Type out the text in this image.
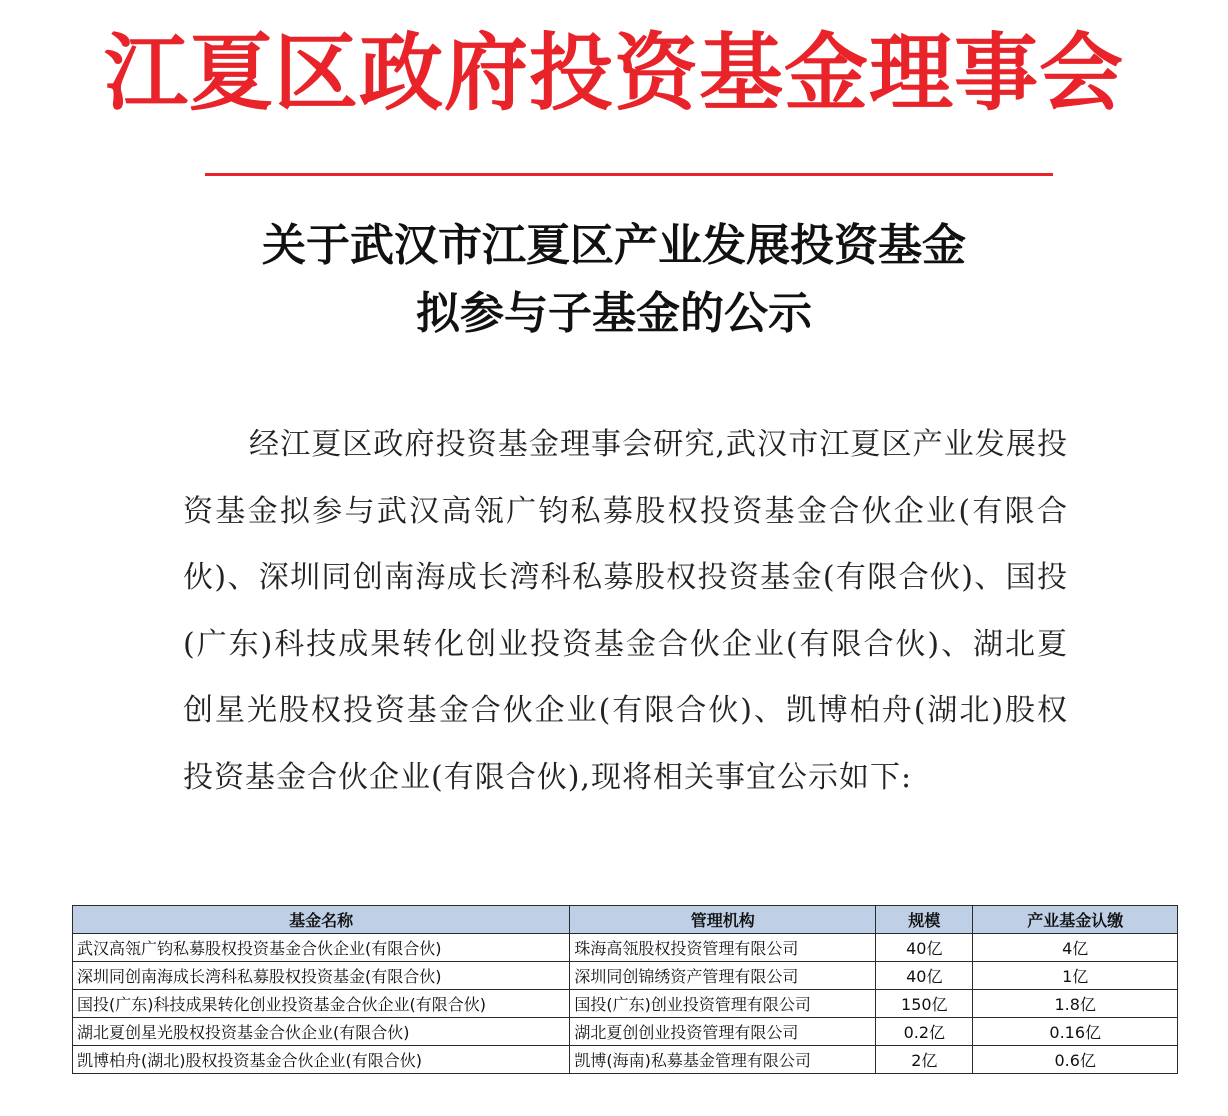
江夏区政府投资基金理事会
关于武汉市江夏区产业发展投资基金
拟参与子基金的公示
经江夏区政府投资基金理事会研究,武汉市江夏区产业发展投资基金拟参与武汉高瓴广钧私募股权投资基金合伙企业(有限合伙)、深圳同创南海成长湾科私募股权投资基金(有限合伙)、国投(广东)科技成果转化创业投资基金合伙企业(有限合伙)、湖北夏创星光股权投资基金合伙企业(有限合伙)、凯博柏舟(湖北)股权投资基金合伙企业(有限合伙),现将相关事宜公示如下:
基金名称	管理机构	规模	产业基金认缴
武汉高瓴广钧私募股权投资基金合伙企业(有限合伙)	珠海高瓴股权投资管理有限公司	40亿	4亿
深圳同创南海成长湾科私募股权投资基金(有限合伙)	深圳同创锦绣资产管理有限公司	40亿	1亿
国投(广东)科技成果转化创业投资基金合伙企业(有限合伙)	国投(广东)创业投资管理有限公司	150亿	1.8亿
湖北夏创星光股权投资基金合伙企业(有限合伙)	湖北夏创创业投资管理有限公司	0.2亿	0.16亿
凯博柏舟(湖北)股权投资基金合伙企业(有限合伙)	凯博(海南)私募基金管理有限公司	2亿	0.6亿
